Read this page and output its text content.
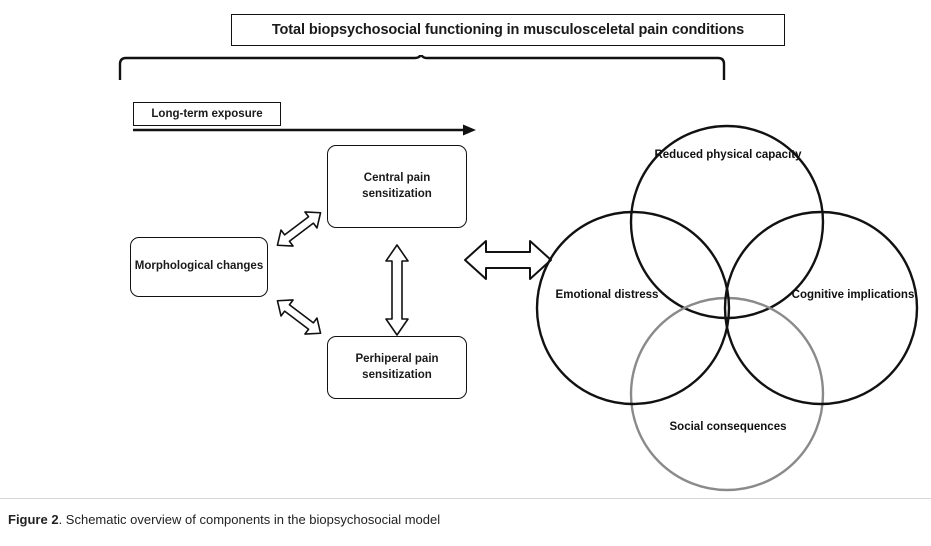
Total biopsychosocial functioning in musculosceletal pain conditions
Long-term exposure
Central pain sensitization
Morphological changes
Perhiperal pain sensitization
Reduced physical capacity
Emotional distress	Cognitive implications
Social consequences
Figure 2. Schematic overview of components in the biopsychosocial model
